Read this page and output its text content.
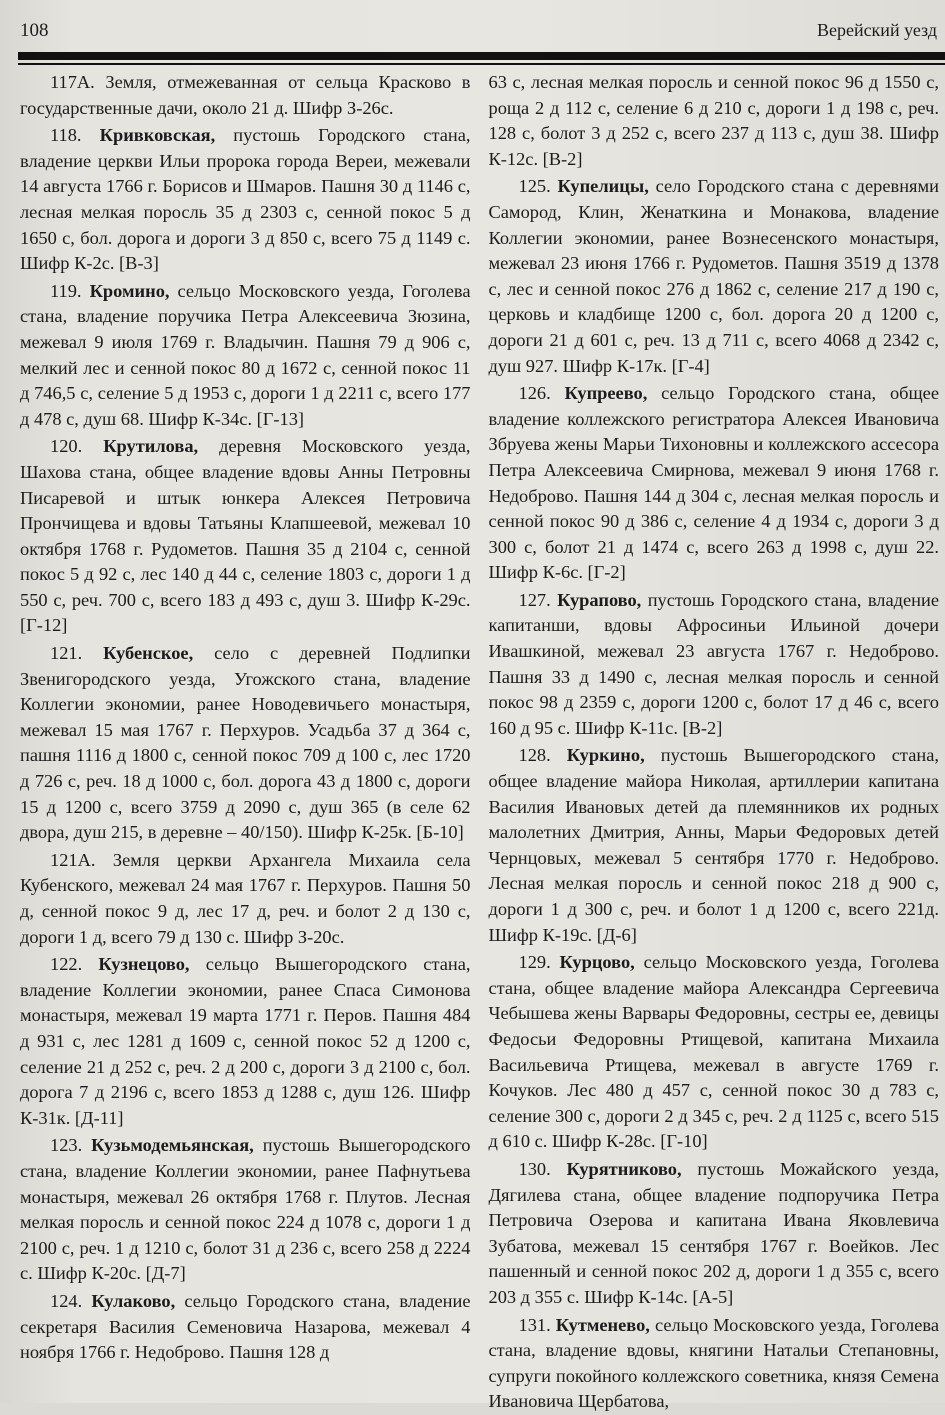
108	Верейский уезд

117А. Земля, отмежеванная от сельца Красково в государственные дачи, около 21 д. Шифр З-26с.

118. Кривковская, пустошь Городского стана, владение церкви Ильи пророка города Вереи, межевали 14 августа 1766 г. Борисов и Шмаров. Пашня 30 д 1146 с, лесная мелкая поросль 35 д 2303 с, сенной покос 5 д 1650 с, бол. дорога и дороги 3 д 850 с, всего 75 д 1149 с. Шифр К-2с. [В-3]

119. Кромино, сельцо Московского уезда, Гоголева стана, владение поручика Петра Алексеевича Зюзина, межевал 9 июля 1769 г. Владычин. Пашня 79 д 906 с, мелкий лес и сенной покос 80 д 1672 с, сенной покос 11 д 746,5 с, селение 5 д 1953 с, дороги 1 д 2211 с, всего 177 д 478 с, душ 68. Шифр К-34с. [Г-13]

120. Крутилова, деревня Московского уезда, Шахова стана, общее владение вдовы Анны Петровны Писаревой и штык юнкера Алексея Петровича Прончищева и вдовы Татьяны Клапшеевой, межевал 10 октября 1768 г. Рудометов. Пашня 35 д 2104 с, сенной покос 5 д 92 с, лес 140 д 44 с, селение 1803 с, дороги 1 д 550 с, реч. 700 с, всего 183 д 493 с, душ 3. Шифр К-29с. [Г-12]

121. Кубенское, село с деревней Подлипки Звенигородского уезда, Угожского стана, владение Коллегии экономии, ранее Новодевичьего монастыря, межевал 15 мая 1767 г. Перхуров. Усадьба 37 д 364 с, пашня 1116 д 1800 с, сенной покос 709 д 100 с, лес 1720 д 726 с, реч. 18 д 1000 с, бол. дорога 43 д 1800 с, дороги 15 д 1200 с, всего 3759 д 2090 с, душ 365 (в селе 62 двора, душ 215, в деревне – 40/150). Шифр К-25к. [Б-10]

121А. Земля церкви Архангела Михаила села Кубенского, межевал 24 мая 1767 г. Перхуров. Пашня 50 д, сенной покос 9 д, лес 17 д, реч. и болот 2 д 130 с, дороги 1 д, всего 79 д 130 с. Шифр З-20с.

122. Кузнецово, сельцо Вышегородского стана, владение Коллегии экономии, ранее Спаса Симонова монастыря, межевал 19 марта 1771 г. Перов. Пашня 484 д 931 с, лес 1281 д 1609 с, сенной покос 52 д 1200 с, селение 21 д 252 с, реч. 2 д 200 с, дороги 3 д 2100 с, бол. дорога 7 д 2196 с, всего 1853 д 1288 с, душ 126. Шифр К-31к. [Д-11]

123. Кузьмодемьянская, пустошь Вышегородского стана, владение Коллегии экономии, ранее Пафнутьева монастыря, межевал 26 октября 1768 г. Плутов. Лесная мелкая поросль и сенной покос 224 д 1078 с, дороги 1 д 2100 с, реч. 1 д 1210 с, болот 31 д 236 с, всего 258 д 2224 с. Шифр К-20с. [Д-7]

124. Кулаково, сельцо Городского стана, владение секретаря Василия Семеновича Назарова, межевал 4 ноября 1766 г. Недоброво. Пашня 128 д

63 с, лесная мелкая поросль и сенной покос 96 д 1550 с, роща 2 д 112 с, селение 6 д 210 с, дороги 1 д 198 с, реч. 128 с, болот 3 д 252 с, всего 237 д 113 с, душ 38. Шифр К-12с. [В-2]

125. Купелицы, село Городского стана с деревнями Самород, Клин, Женаткина и Монакова, владение Коллегии экономии, ранее Вознесенского монастыря, межевал 23 июня 1766 г. Рудометов. Пашня 3519 д 1378 с, лес и сенной покос 276 д 1862 с, селение 217 д 190 с, церковь и кладбище 1200 с, бол. дорога 20 д 1200 с, дороги 21 д 601 с, реч. 13 д 711 с, всего 4068 д 2342 с, душ 927. Шифр К-17к. [Г-4]

126. Купреево, сельцо Городского стана, общее владение коллежского регистратора Алексея Ивановича Збруева жены Марьи Тихоновны и коллежского ассесора Петра Алексеевича Смирнова, межевал 9 июня 1768 г. Недоброво. Пашня 144 д 304 с, лесная мелкая поросль и сенной покос 90 д 386 с, селение 4 д 1934 с, дороги 3 д 300 с, болот 21 д 1474 с, всего 263 д 1998 с, душ 22. Шифр К-6с. [Г-2]

127. Курапово, пустошь Городского стана, владение капитанши, вдовы Афросиньи Ильиной дочери Ивашкиной, межевал 23 августа 1767 г. Недоброво. Пашня 33 д 1490 с, лесная мелкая поросль и сенной покос 98 д 2359 с, дороги 1200 с, болот 17 д 46 с, всего 160 д 95 с. Шифр К-11с. [В-2]

128. Куркино, пустошь Вышегородского стана, общее владение майора Николая, артиллерии капитана Василия Ивановых детей да племянников их родных малолетних Дмитрия, Анны, Марьи Федоровых детей Чернцовых, межевал 5 сентября 1770 г. Недоброво. Лесная мелкая поросль и сенной покос 218 д 900 с, дороги 1 д 300 с, реч. и болот 1 д 1200 с, всего 221д. Шифр К-19с. [Д-6]

129. Курцово, сельцо Московского уезда, Гоголева стана, общее владение майора Александра Сергеевича Чебышева жены Варвары Федоровны, сестры ее, девицы Федосьи Федоровны Ртищевой, капитана Михаила Васильевича Ртищева, межевал в августе 1769 г. Кочуков. Лес 480 д 457 с, сенной покос 30 д 783 с, селение 300 с, дороги 2 д 345 с, реч. 2 д 1125 с, всего 515 д 610 с. Шифр К-28с. [Г-10]

130. Курятниково, пустошь Можайского уезда, Дягилева стана, общее владение подпоручика Петра Петровича Озерова и капитана Ивана Яковлевича Зубатова, межевал 15 сентября 1767 г. Воейков. Лес пашенный и сенной покос 202 д, дороги 1 д 355 с, всего 203 д 355 с. Шифр К-14с. [А-5]

131. Кутменево, сельцо Московского уезда, Гоголева стана, владение вдовы, княгини Натальи Степановны, супруги покойного коллежского советника, князя Семена Ивановича Щербатова,
